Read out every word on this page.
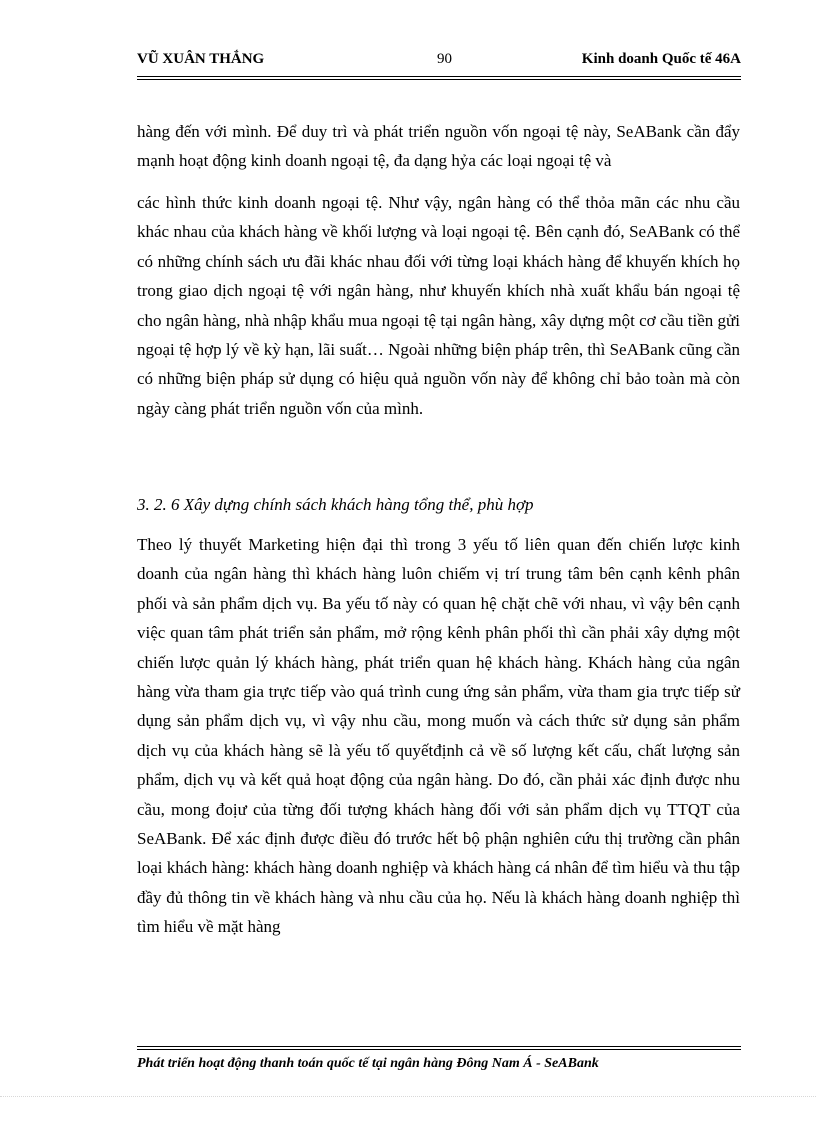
VŨ XUÂN THẮNG	90	Kinh doanh Quốc tế 46A

hàng đến với mình. Để duy trì và phát triển nguồn vốn ngoại tệ này, SeABank cần đẩy mạnh hoạt động kinh doanh ngoại tệ, đa dạng hỷa các loại ngoại tệ và

các hình thức kinh doanh ngoại tệ. Như vậy, ngân hàng có thể thỏa mãn các nhu cầu khác nhau của khách hàng về khối lượng và loại ngoại tệ. Bên cạnh đó, SeABank có thể có những chính sách ưu đãi khác nhau đối với từng loại khách hàng để khuyến khích họ trong giao dịch ngoại tệ với ngân hàng, như khuyến khích nhà xuất khẩu bán ngoại tệ cho ngân hàng, nhà nhập khẩu mua ngoại tệ tại ngân hàng, xây dựng một cơ cầu tiền gửi ngoại tệ hợp lý về kỳ hạn, lãi suất… Ngoài những biện pháp trên, thì SeABank cũng cần có những biện pháp sử dụng có hiệu quả nguồn vốn này để không chỉ bảo toàn mà còn ngày càng phát triển nguồn vốn của mình.

3. 2. 6 Xây dựng chính sách khách hàng tổng thể, phù hợp

Theo lý thuyết Marketing hiện đại thì trong 3 yếu tố liên quan đến chiến lược kinh doanh của ngân hàng thì khách hàng luôn chiếm vị trí trung tâm bên cạnh kênh phân phối và sản phẩm dịch vụ. Ba yếu tố này có quan hệ chặt chẽ với nhau, vì vậy bên cạnh việc quan tâm phát triển sản phẩm, mở rộng kênh phân phối thì cần phải xây dựng một chiến lược quản lý khách hàng, phát triển quan hệ khách hàng. Khách hàng của ngân hàng vừa tham gia trực tiếp vào quá trình cung ứng sản phẩm, vừa tham gia trực tiếp sử dụng sản phẩm dịch vụ, vì vậy nhu cầu, mong muốn và cách thức sử dụng sản phẩm dịch vụ của khách hàng sẽ là yếu tố quyếtđịnh cả về số lượng kết cấu, chất lượng sản phẩm, dịch vụ và kết quả hoạt động của ngân hàng. Do đó, cần phải xác định được nhu cầu, mong đoịư của từng đối tượng khách hàng đối với sản phẩm dịch vụ TTQT của SeABank. Để xác định được điều đó trước hết bộ phận nghiên cứu thị trường cần phân loại khách hàng: khách hàng doanh nghiệp và khách hàng cá nhân để tìm hiểu và thu tập đầy đủ thông tin về khách hàng và nhu cầu của họ. Nếu là khách hàng doanh nghiệp thì tìm hiểu về mặt hàng

Phát triển hoạt động thanh toán quốc tế tại ngân hàng Đông Nam Á - SeABank
